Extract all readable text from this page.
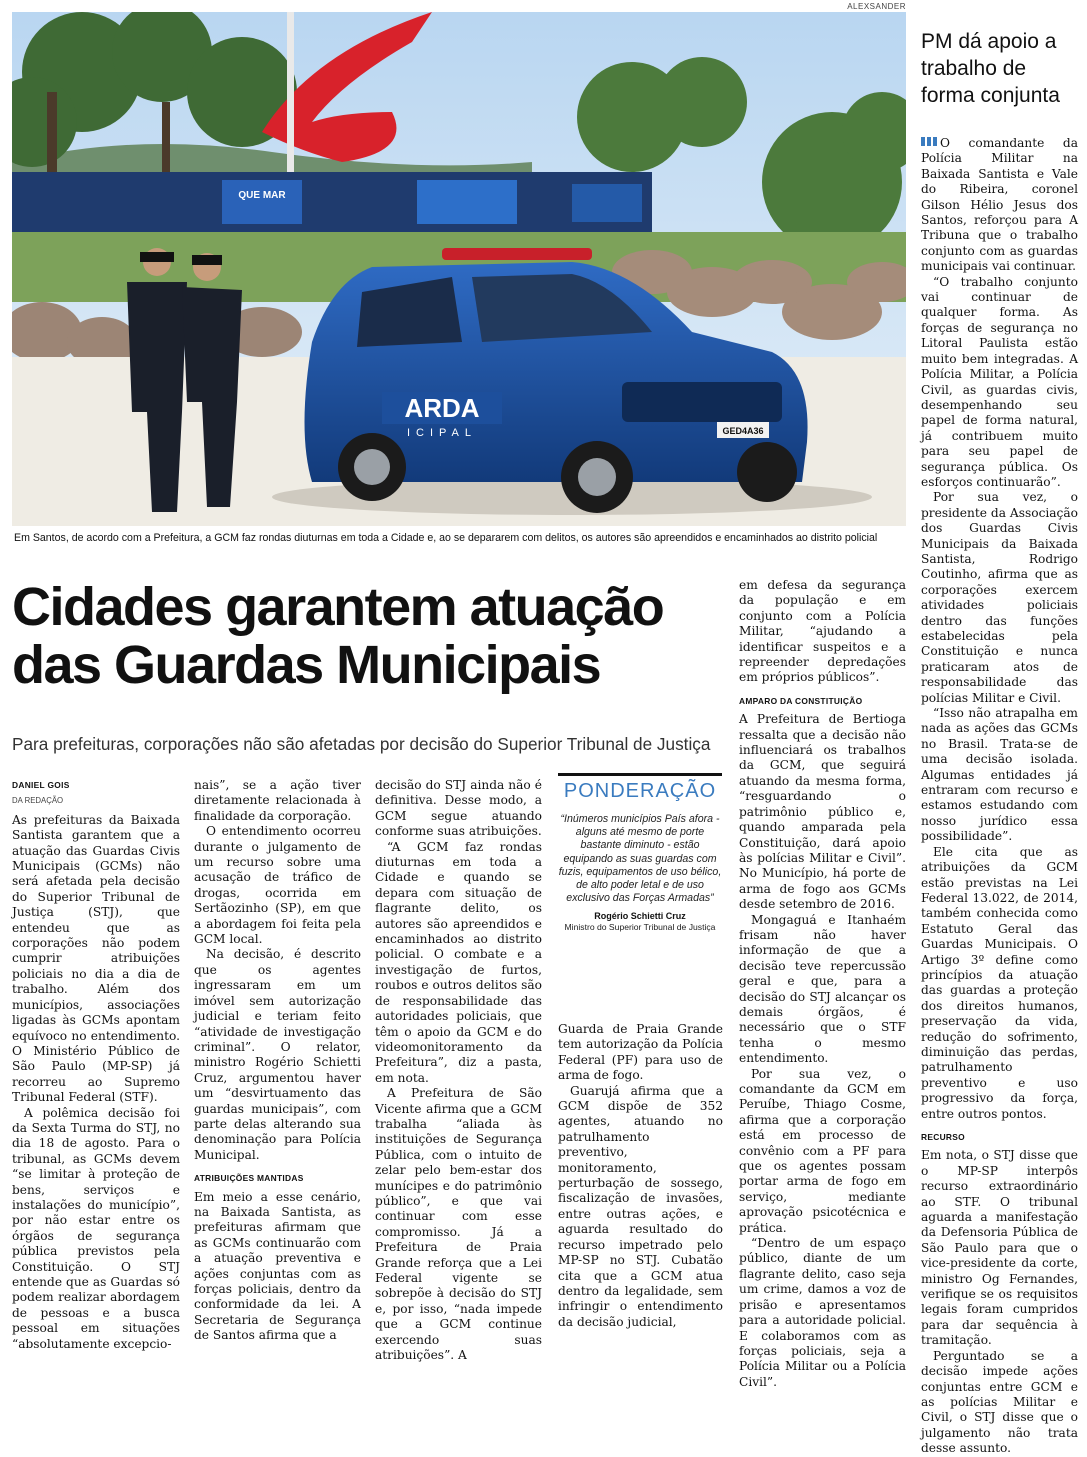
ALEXSANDER
QUE MAR
ARDA
ICIPAL	GED4A36
Em Santos, de acordo com a Prefeitura, a GCM faz rondas diuturnas em toda a Cidade e, ao se depararem com delitos, os autores são apreendidos e encaminhados ao distrito policial
Cidades garantem atuação das Guardas Municipais
Para prefeituras, corporações não são afetadas por decisão do Superior Tribunal de Justiça
DANIEL GOIS
DA REDAÇÃO

As prefeituras da Baixada Santista garantem que a atuação das Guardas Civis Municipais (GCMs) não será afetada pela decisão do Superior Tribunal de Justiça (STJ), que entendeu que as corporações não podem cumprir atribuições policiais no dia a dia de trabalho. Além dos municípios, associações ligadas às GCMs apontam equívoco no entendimento. O Ministério Público de São Paulo (MP-SP) já recorreu ao Supremo Tribunal Federal (STF).

A polêmica decisão foi da Sexta Turma do STJ, no dia 18 de agosto. Para o tribunal, as GCMs devem “se limitar à proteção de bens, serviços e instalações do município”, por não estar entre os órgãos de segurança pública previstos pela Constituição. O STJ entende que as Guardas só podem realizar abordagem de pessoas e a busca pessoal em situações “absolutamente excepcio-

nais”, se a ação tiver diretamente relacionada à finalidade da corporação.

O entendimento ocorreu durante o julgamento de um recurso sobre uma acusação de tráfico de drogas, ocorrida em Sertãozinho (SP), em que a abordagem foi feita pela GCM local.

Na decisão, é descrito que os agentes ingressaram em um imóvel sem autorização judicial e teriam feito “atividade de investigação criminal”. O relator, ministro Rogério Schietti Cruz, argumentou haver um “desvirtuamento das guardas municipais”, com parte delas alterando sua denominação para Polícia Municipal.

ATRIBUIÇÕES MANTIDAS

Em meio a esse cenário, na Baixada Santista, as prefeituras afirmam que as GCMs continuarão com a atuação preventiva e ações conjuntas com as forças policiais, dentro da conformidade da lei. A Secretaria de Segurança de Santos afirma que a

decisão do STJ ainda não é definitiva. Desse modo, a GCM segue atuando conforme suas atribuições.

“A GCM faz rondas diuturnas em toda a Cidade e quando se depara com situação de flagrante delito, os autores são apreendidos e encaminhados ao distrito policial. O combate e a investigação de furtos, roubos e outros delitos são de responsabilidade das autoridades policiais, que têm o apoio da GCM e do videomonitoramento da Prefeitura”, diz a pasta, em nota.

A Prefeitura de São Vicente afirma que a GCM trabalha “aliada às instituições de Segurança Pública, com o intuito de zelar pelo bem-estar dos munícipes e do patrimônio público”, e que vai continuar com esse compromisso. Já a Prefeitura de Praia Grande reforça que a Lei Federal vigente se sobrepõe à decisão do STJ e, por isso, “nada impede que a GCM continue exercendo suas atribuições”. A

PONDERAÇÃO
“Inúmeros municípios País afora - alguns até mesmo de porte bastante diminuto - estão equipando as suas guardas com fuzis, equipamentos de uso bélico, de alto poder letal e de uso exclusivo das Forças Armadas”
Rogério Schietti Cruz
Ministro do Superior Tribunal de Justiça

Guarda de Praia Grande tem autorização da Polícia Federal (PF) para uso de arma de fogo.

Guarujá afirma que a GCM dispõe de 352 agentes, atuando no patrulhamento preventivo, monitoramento, perturbação de sossego, fiscalização de invasões, entre outras ações, e aguarda resultado do recurso impetrado pelo MP-SP no STJ. Cubatão cita que a GCM atua dentro da legalidade, sem infringir o entendimento da decisão judicial,

em defesa da segurança da população e em conjunto com a Polícia Militar, “ajudando a identificar suspeitos e a repreender depredações em próprios públicos”.

AMPARO DA CONSTITUIÇÃO

A Prefeitura de Bertioga ressalta que a decisão não influenciará os trabalhos da GCM, que seguirá atuando da mesma forma, “resguardando o patrimônio público e, quando amparada pela Constituição, dará apoio às polícias Militar e Civil”. No Município, há porte de arma de fogo aos GCMs desde setembro de 2016.

Mongaguá e Itanhaém frisam não haver informação de que a decisão teve repercussão geral e que, para a decisão do STJ alcançar os demais órgãos, é necessário que o STF tenha o mesmo entendimento.

Por sua vez, o comandante da GCM em Peruíbe, Thiago Cosme, afirma que a corporação está em processo de convênio com a PF para que os agentes possam portar arma de fogo em serviço, mediante aprovação psicotécnica e prática.

“Dentro de um espaço público, diante de um flagrante delito, caso seja um crime, damos a voz de prisão e apresentamos para a autoridade policial. E colaboramos com as forças policiais, seja a Polícia Militar ou a Polícia Civil”.

PM dá apoio a trabalho de forma conjunta

O comandante da Polícia Militar na Baixada Santista e Vale do Ribeira, coronel Gilson Hélio Jesus dos Santos, reforçou para A Tribuna que o trabalho conjunto com as guardas municipais vai continuar.

“O trabalho conjunto vai continuar de qualquer forma. As forças de segurança no Litoral Paulista estão muito bem integradas. A Polícia Militar, a Polícia Civil, as guardas civis, desempenhando seu papel de forma natural, já contribuem muito para seu papel de segurança pública. Os esforços continuarão”.

Por sua vez, o presidente da Associação dos Guardas Civis Municipais da Baixada Santista, Rodrigo Coutinho, afirma que as corporações exercem atividades policiais dentro das funções estabelecidas pela Constituição e nunca praticaram atos de responsabilidade das polícias Militar e Civil.

“Isso não atrapalha em nada as ações das GCMs no Brasil. Trata-se de uma decisão isolada. Algumas entidades já entraram com recurso e estamos estudando com nosso jurídico essa possibilidade”.

Ele cita que as atribuições da GCM estão previstas na Lei Federal 13.022, de 2014, também conhecida como Estatuto Geral das Guardas Municipais. O Artigo 3º define como princípios da atuação das guardas a proteção dos direitos humanos, preservação da vida, redução do sofrimento, diminuição das perdas, patrulhamento preventivo e uso progressivo da força, entre outros pontos.

RECURSO

Em nota, o STJ disse que o MP-SP interpôs recurso extraordinário ao STF. O tribunal aguarda a manifestação da Defensoria Pública de São Paulo para que o vice-presidente da corte, ministro Og Fernandes, verifique se os requisitos legais foram cumpridos para dar sequência à tramitação.

Perguntado se a decisão impede ações conjuntas entre GCM e as polícias Militar e Civil, o STJ disse que o julgamento não trata desse assunto.
